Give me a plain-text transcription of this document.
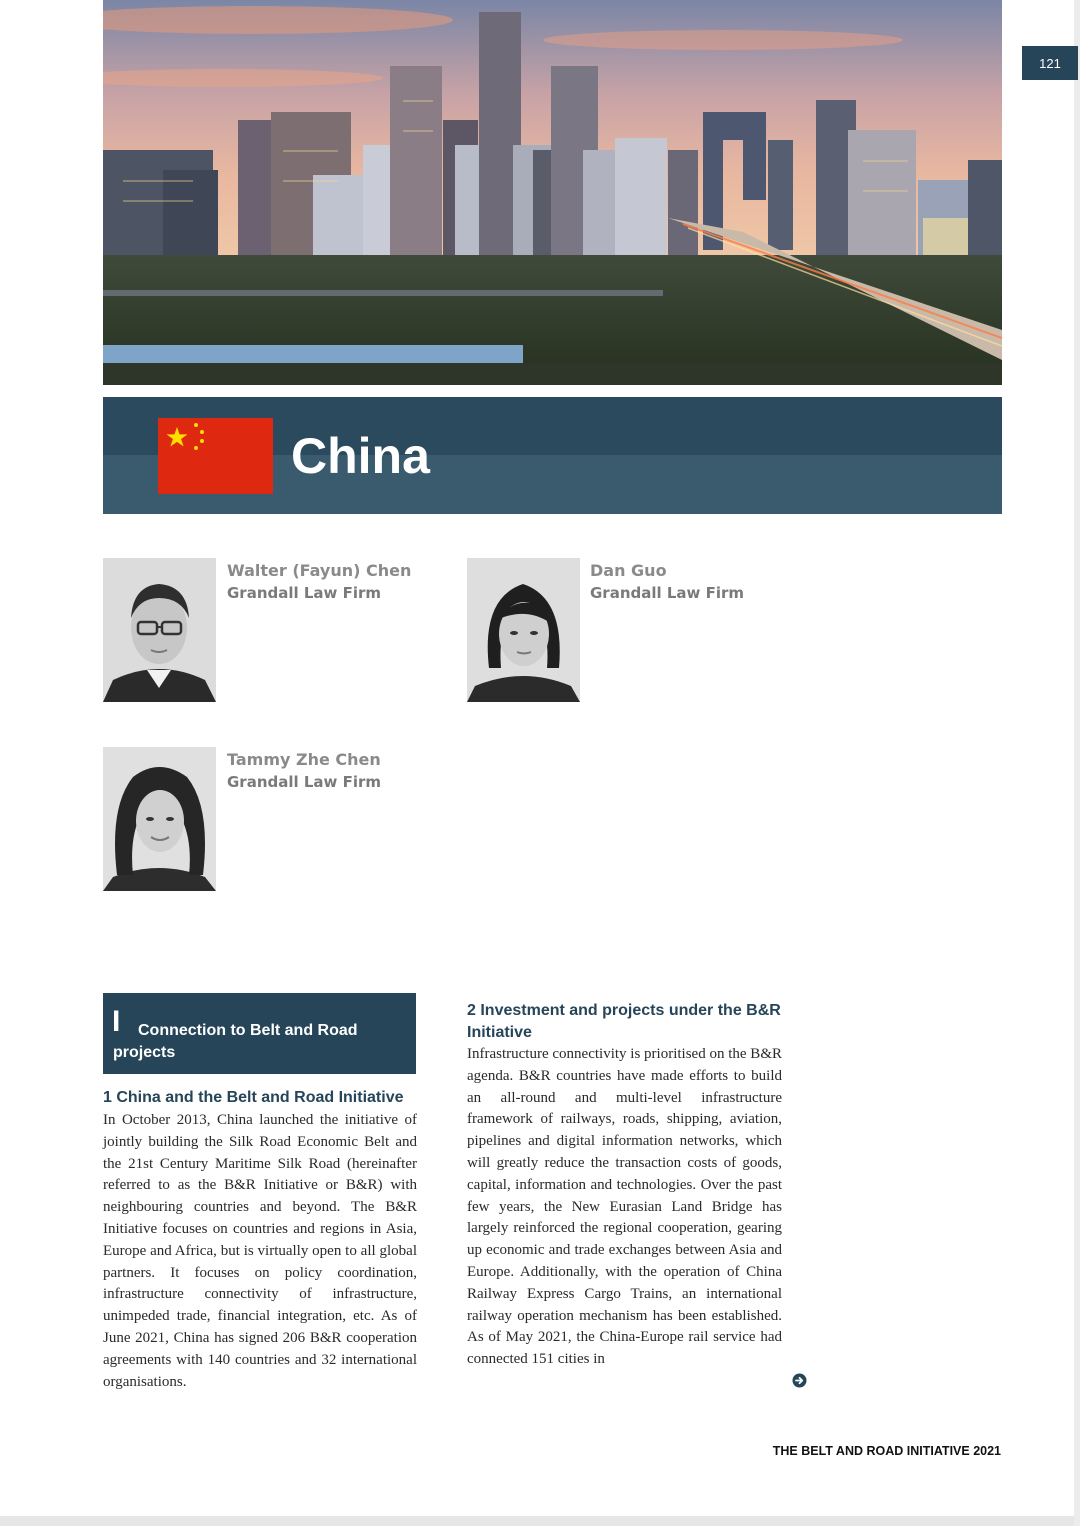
121
China
Walter (Fayun) Chen
Grandall Law Firm
Dan Guo
Grandall Law Firm
Tammy Zhe Chen
Grandall Law Firm
I Connection to Belt and Road
projects
1 China and the Belt and Road Initiative

In October 2013, China launched the initiative of jointly building the Silk Road Economic Belt and the 21st Century Maritime Silk Road (hereinafter referred to as the B&R Initiative or B&R) with neighbouring countries and beyond. The B&R Initiative focuses on countries and regions in Asia, Europe and Africa, but is virtually open to all global partners. It focuses on policy coordination, infrastructure connectivity of infrastructure, unimpeded trade, financial integration, etc. As of June 2021, China has signed 206 B&R cooperation agreements with 140 countries and 32 international organisations.

2 Investment and projects under the B&R
Initiative

Infrastructure connectivity is prioritised on the B&R agenda. B&R countries have made efforts to build an all-round and multi-level infrastructure framework of railways, roads, shipping, aviation, pipelines and digital information networks, which will greatly reduce the transaction costs of goods, capital, information and technologies. Over the past few years, the New Eurasian Land Bridge has largely reinforced the regional cooperation, gearing up economic and trade exchanges between Asia and Europe. Additionally, with the operation of China Railway Express Cargo Trains, an international railway operation mechanism has been established. As of May 2021, the China-Europe rail service had connected 151 cities in

THE BELT AND ROAD INITIATIVE 2021
